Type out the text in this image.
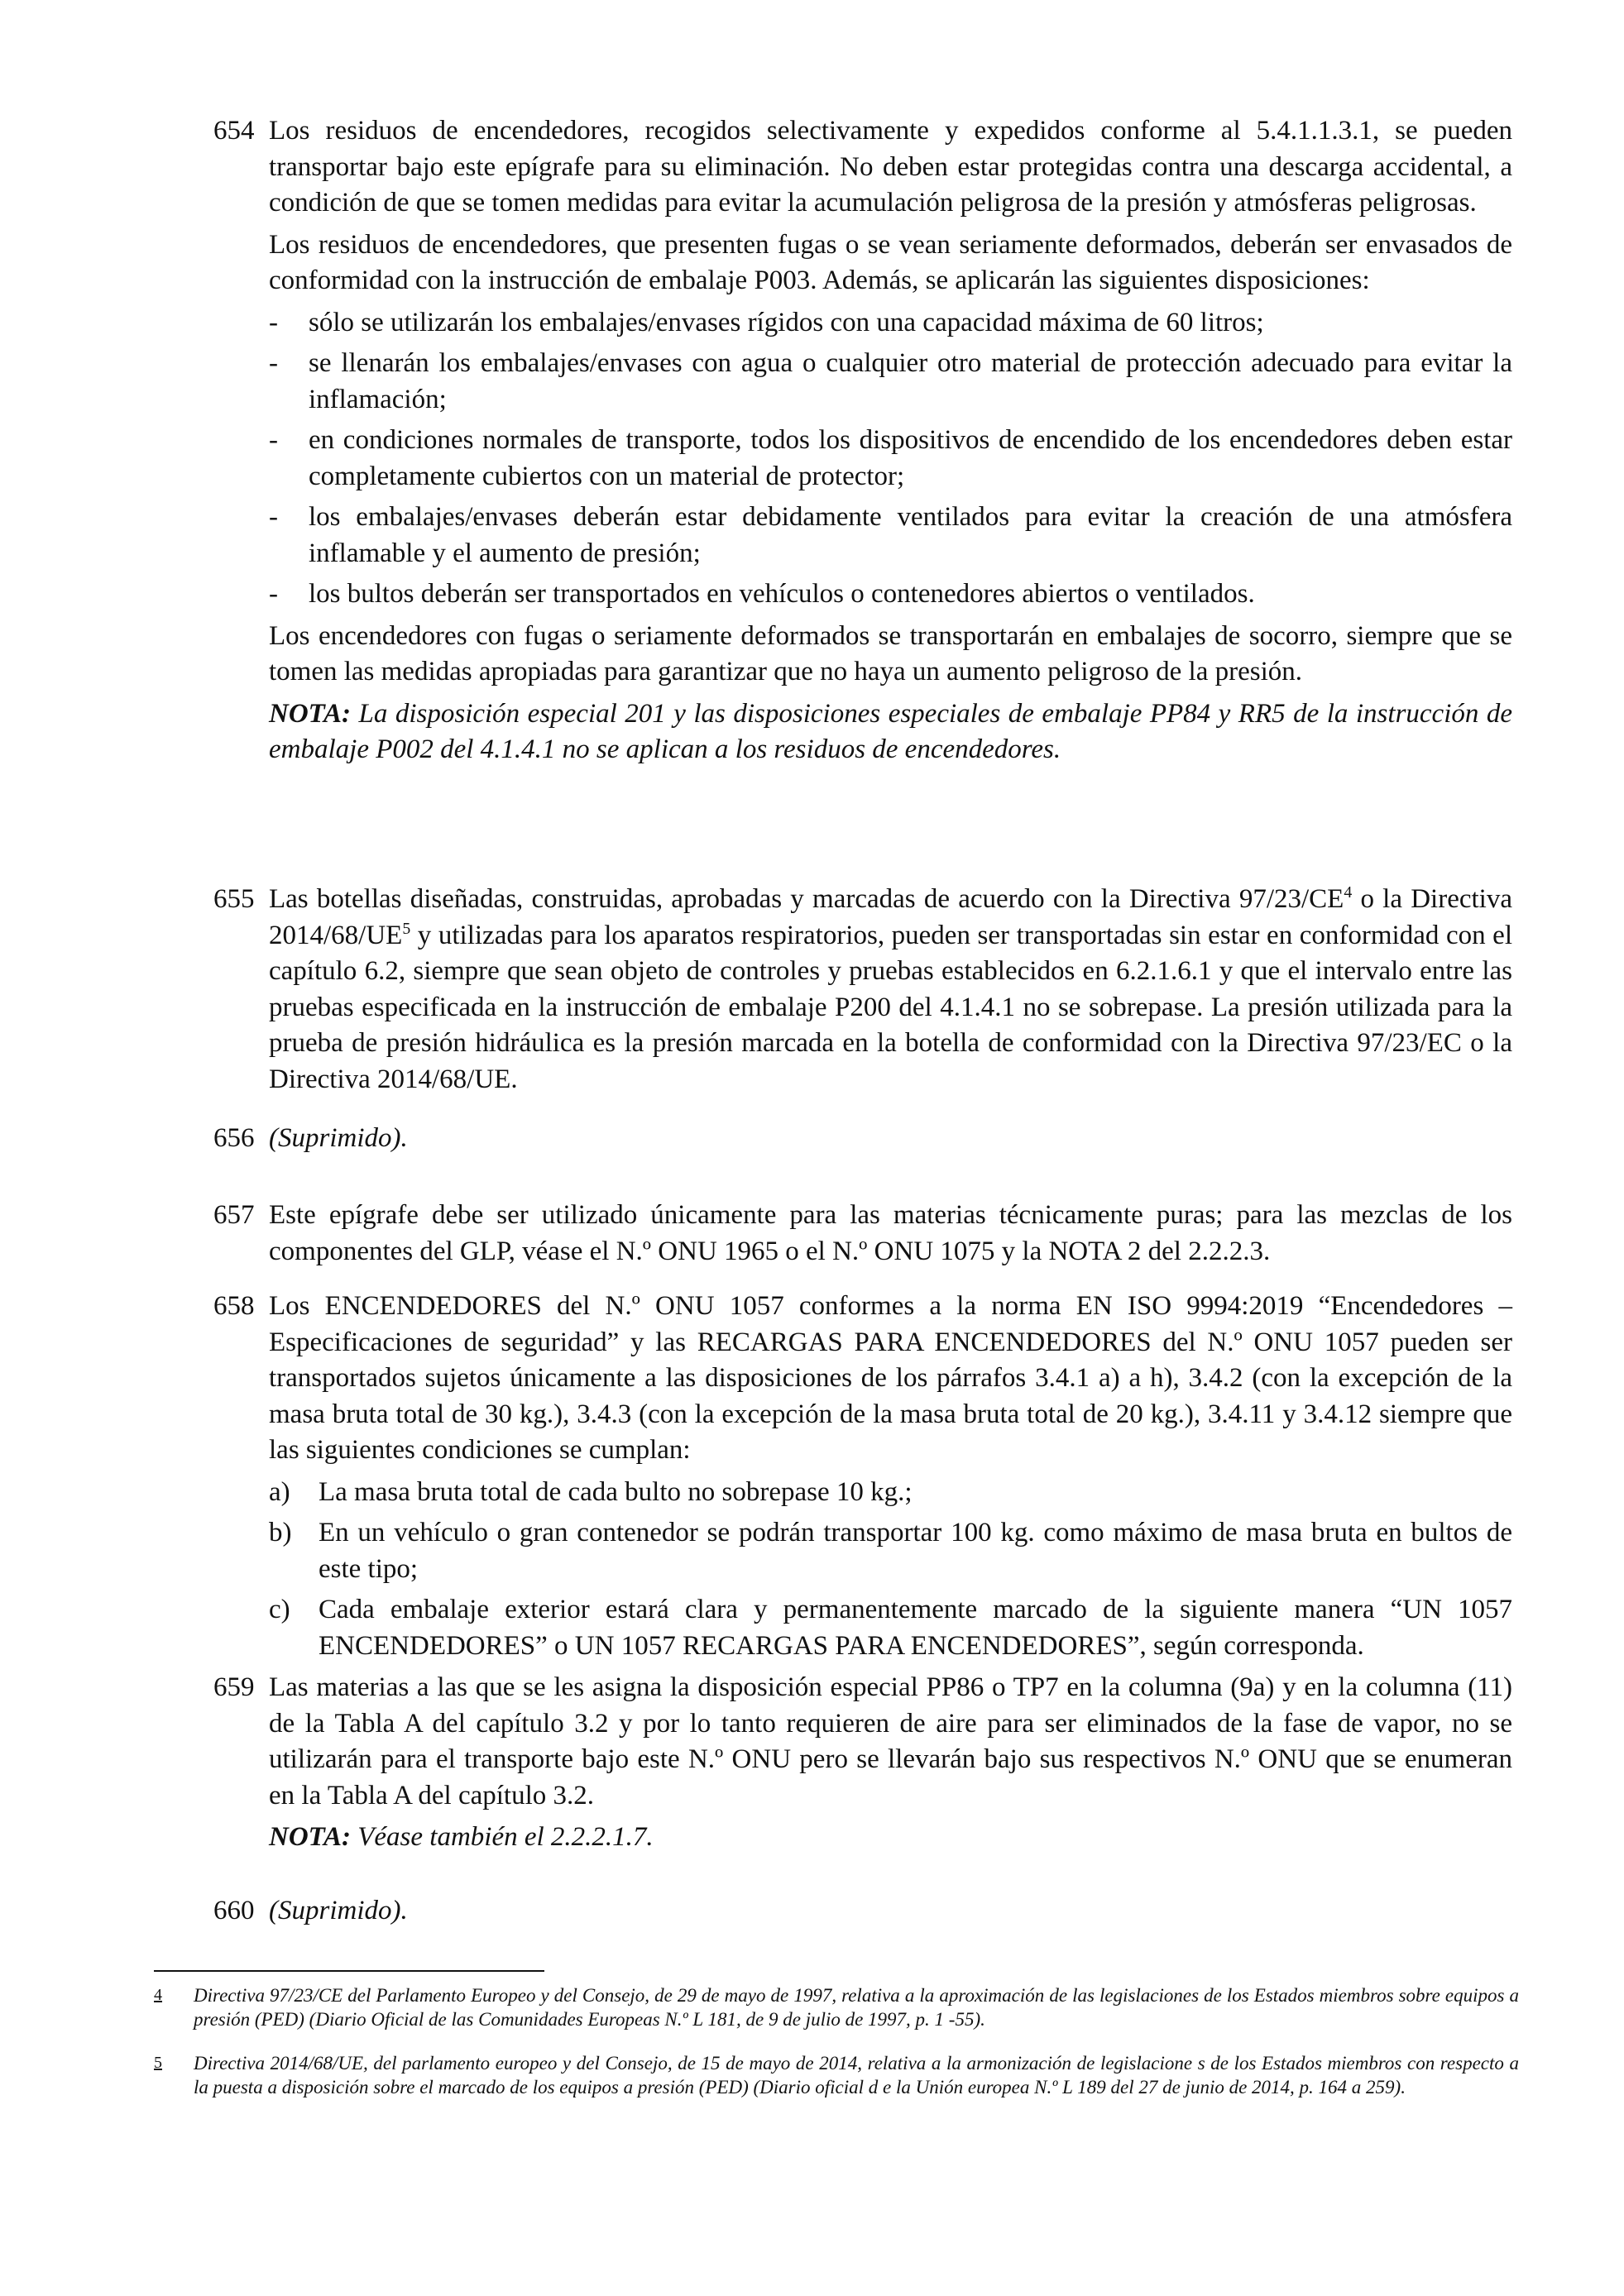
654 Los residuos de encendedores, recogidos selectivamente y expedidos conforme al 5.4.1.1.3.1, se pueden transportar bajo este epígrafe para su eliminación. No deben estar protegidas contra una descarga accidental, a condición de que se tomen medidas para evitar la acumulación peligrosa de la presión y atmósferas peligrosas.

Los residuos de encendedores, que presenten fugas o se vean seriamente deformados, deberán ser envasados de conformidad con la instrucción de embalaje P003. Además, se aplicarán las siguientes disposiciones:

- sólo se utilizarán los embalajes/envases rígidos con una capacidad máxima de 60 litros;
- se llenarán los embalajes/envases con agua o cualquier otro material de protección adecuado para evitar la inflamación;
- en condiciones normales de transporte, todos los dispositivos de encendido de los encendedores deben estar completamente cubiertos con un material de protector;
- los embalajes/envases deberán estar debidamente ventilados para evitar la creación de una atmósfera inflamable y el aumento de presión;
- los bultos deberán ser transportados en vehículos o contenedores abiertos o ventilados.

Los encendedores con fugas o seriamente deformados se transportarán en embalajes de socorro, siempre que se tomen las medidas apropiadas para garantizar que no haya un aumento peligroso de la presión.

NOTA: La disposición especial 201 y las disposiciones especiales de embalaje PP84 y RR5 de la instrucción de embalaje P002 del 4.1.4.1 no se aplican a los residuos de encendedores.

655 Las botellas diseñadas, construidas, aprobadas y marcadas de acuerdo con la Directiva $97/23/CE^4$ o la Directiva $2014/68/UE^5$ y utilizadas para los aparatos respiratorios, pueden ser transportadas sin estar en conformidad con el capítulo 6.2, siempre que sean objeto de controles y pruebas establecidos en 6.2.1.6.1 y que el intervalo entre las pruebas especificada en la instrucción de embalaje P200 del 4.1.4.1 no se sobrepase. La presión utilizada para la prueba de presión hidráulica es la presión marcada en la botella de conformidad con la Directiva 97/23/EC o la Directiva 2014/68/UE.

656 (Suprimido).

657 Este epígrafe debe ser utilizado únicamente para las materias técnicamente puras; para las mezclas de los componentes del GLP, véase el N.º ONU 1965 o el N.º ONU 1075 y la NOTA 2 del 2.2.2.3.

658 Los ENCENDEDORES del N.º ONU 1057 conformes a la norma EN ISO 9994:2019 “Encendedores – Especificaciones de seguridad” y las RECARGAS PARA ENCENDEDORES del N.º ONU 1057 pueden ser transportados sujetos únicamente a las disposiciones de los párrafos 3.4.1 a) a h), 3.4.2 (con la excepción de la masa bruta total de 30 kg.), 3.4.3 (con la excepción de la masa bruta total de 20 kg.), 3.4.11 y 3.4.12 siempre que las siguientes condiciones se cumplan:

a) La masa bruta total de cada bulto no sobrepase 10 kg.;
b) En un vehículo o gran contenedor se podrán transportar 100 kg. como máximo de masa bruta en bultos de este tipo;
c) Cada embalaje exterior estará clara y permanentemente marcado de la siguiente manera “UN 1057 ENCENDEDORES” o UN 1057 RECARGAS PARA ENCENDEDORES”, según corresponda.
659 Las materias a las que se les asigna la disposición especial PP86 o TP7 en la columna (9a) y en la columna (11) de la Tabla A del capítulo 3.2 y por lo tanto requieren de aire para ser eliminados de la fase de vapor, no se utilizarán para el transporte bajo este N.º ONU pero se llevarán bajo sus respectivos N.º ONU que se enumeran en la Tabla A del capítulo 3.2.

NOTA: Véase también el 2.2.2.1.7.

660 (Suprimido).

4 Directiva 97/23/CE del Parlamento Europeo y del Consejo, de 29 de mayo de 1997, relativa a la aproximación de las legislaciones de los Estados miembros sobre equipos a presión (PED) (Diario Oficial de las Comunidades Europeas N.º L 181, de 9 de julio de 1997, p. 1 -55).
5 Directiva 2014/68/UE, del parlamento europeo y del Consejo, de 15 de mayo de 2014, relativa a la armonización de legislacione s de los Estados miembros con respecto a la puesta a disposición sobre el marcado de los equipos a presión (PED) (Diario oficial d e la Unión europea N.º L 189 del 27 de junio de 2014, p. 164 a 259).
